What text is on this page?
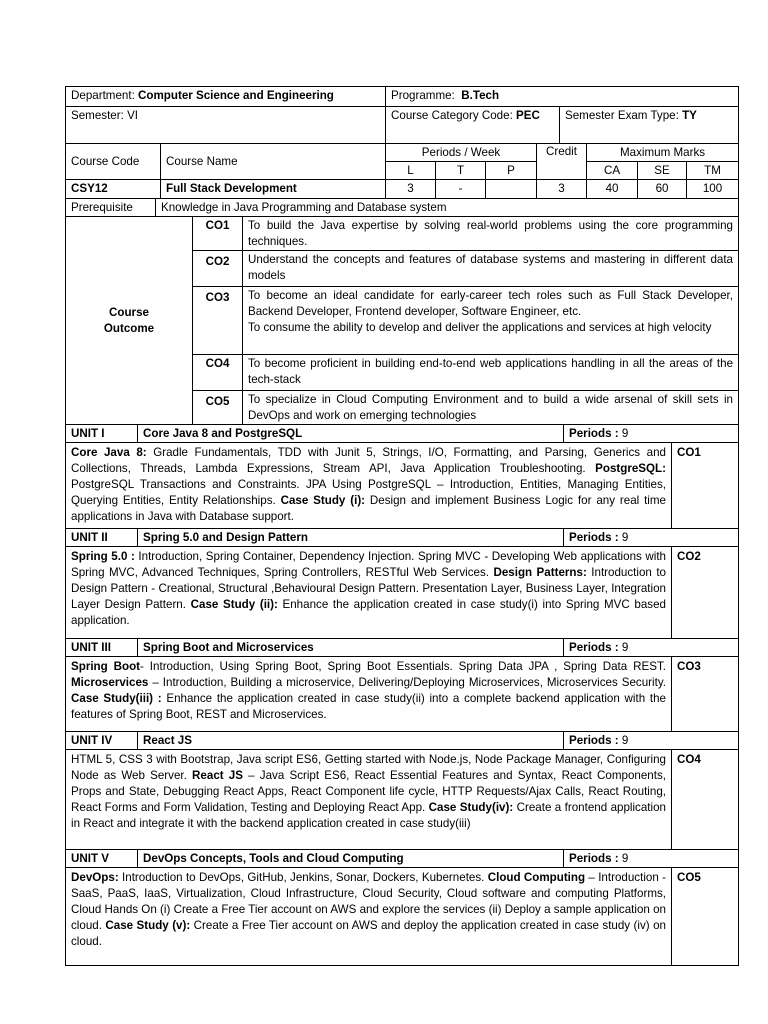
Department: Computer Science and Engineering	Programme: B.Tech	
Semester: VI	Course Category Code: PEC	Semester Exam Type: TY
Course Code	Course Name	Periods / Week			Credit	Maximum Marks		
		L	T	P		CA	SE	TM
CSY12	Full Stack Development	3	-		3	40	60	100
Prerequisite	Knowledge in Java Programming and Database system		
Course
Outcome		CO1	To build the Java expertise by solving real-world problems using the core programming techniques.
		CO2	Understand the concepts and features of database systems and mastering in different data models
		CO3	To become an ideal candidate for early-career tech roles such as Full Stack Developer, Backend Developer, Frontend developer, Software Engineer, etc.
To consume the ability to develop and deliver the applications and services at high velocity

		CO4	To become proficient in building end-to-end web applications handling in all the areas of the tech-stack
		CO5	To specialize in Cloud Computing Environment and to build a wide arsenal of skill sets in DevOps and work on emerging technologies
UNIT I	Core Java 8 and PostgreSQL	Periods : 9	
Core Java 8: Gradle Fundamentals, TDD with Junit 5, Strings, I/O, Formatting, and Parsing, Generics and Collections, Threads, Lambda Expressions, Stream API, Java Application Troubleshooting. PostgreSQL: PostgreSQL Transactions and Constraints. JPA Using PostgreSQL – Introduction, Entities, Managing Entities, Querying Entities, Entity Relationships. Case Study (i): Design and implement Business Logic for any real time applications in Java with Database support.			CO1
UNIT II	Spring 5.0 and Design Pattern	Periods : 9	
Spring 5.0 : Introduction, Spring Container, Dependency Injection. Spring MVC - Developing Web applications with Spring MVC, Advanced Techniques, Spring Controllers, RESTful Web Services. Design Patterns: Introduction to Design Pattern - Creational, Structural ,Behavioural Design Pattern. Presentation Layer, Business Layer, Integration Layer Design Pattern. Case Study (ii): Enhance the application created in case study(i) into Spring MVC based application.			CO2
UNIT III	Spring Boot and Microservices	Periods : 9	
Spring Boot- Introduction, Using Spring Boot, Spring Boot Essentials. Spring Data JPA , Spring Data REST. Microservices – Introduction, Building a microservice, Delivering/Deploying Microservices, Microservices Security. Case Study(iii) : Enhance the application created in case study(ii) into a complete backend application with the features of Spring Boot, REST and Microservices.			CO3
UNIT IV	React JS	Periods : 9	
HTML 5, CSS 3 with Bootstrap, Java script ES6, Getting started with Node.js, Node Package Manager, Configuring Node as Web Server. React JS – Java Script ES6, React Essential Features and Syntax, React Components, Props and State, Debugging React Apps, React Component life cycle, HTTP Requests/Ajax Calls, React Routing, React Forms and Form Validation, Testing and Deploying React App. Case Study(iv): Create a frontend application in React and integrate it with the backend application created in case study(iii)			CO4
UNIT V	DevOps Concepts, Tools and Cloud Computing	Periods : 9	
DevOps: Introduction to DevOps, GitHub, Jenkins, Sonar, Dockers, Kubernetes. Cloud Computing – Introduction - SaaS, PaaS, IaaS, Virtualization, Cloud Infrastructure, Cloud Security, Cloud software and computing Platforms, Cloud Hands On (i) Create a Free Tier account on AWS and explore the services (ii) Deploy a sample application on cloud. Case Study (v): Create a Free Tier account on AWS and deploy the application created in case study (iv) on cloud.			CO5
